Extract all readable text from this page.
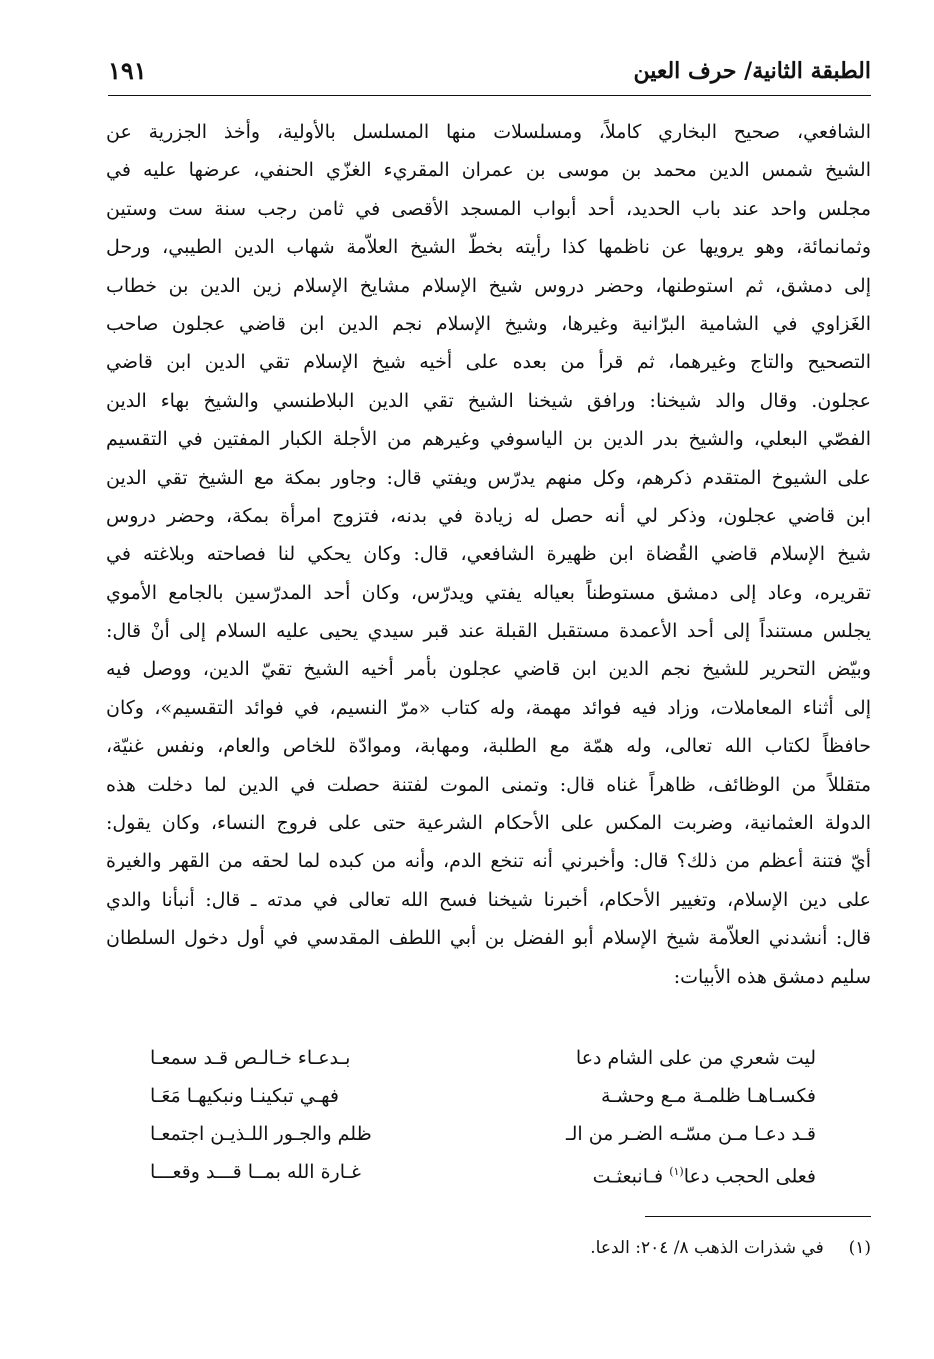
الطبقة الثانية/ حرف العين
١٩١
الشافعي، صحيح البخاري كاملاً، ومسلسلات منها المسلسل بالأولية، وأخذ الجزرية عن
الشيخ شمس الدين محمد بن موسى بن عمران المقريء الغزّي الحنفي، عرضها عليه في
مجلس واحد عند باب الحديد، أحد أبواب المسجد الأقصى في ثامن رجب سنة ست وستين
وثمانمائة، وهو يرويها عن ناظمها كذا رأيته بخطّ الشيخ العلاّمة شهاب الدين الطيبي، ورحل
إلى دمشق، ثم استوطنها، وحضر دروس شيخ الإسلام مشايخ الإسلام زين الدين بن خطاب
الغَزاوي في الشامية البرّانية وغيرها، وشيخ الإسلام نجم الدين ابن قاضي عجلون صاحب
التصحيح والتاج وغيرهما، ثم قرأ من بعده على أخيه شيخ الإسلام تقي الدين ابن قاضي
عجلون. وقال والد شيخنا: ورافق شيخنا الشيخ تقي الدين البلاطنسي والشيخ بهاء الدين
الفصّي البعلي، والشيخ بدر الدين بن الياسوفي وغيرهم من الأجلة الكبار المفتين في التقسيم
على الشيوخ المتقدم ذكرهم، وكل منهم يدرّس ويفتي قال: وجاور بمكة مع الشيخ تقي الدين
ابن قاضي عجلون، وذكر لي أنه حصل له زيادة في بدنه، فتزوج امرأة بمكة، وحضر دروس
شيخ الإسلام قاضي القُضاة ابن ظهيرة الشافعي، قال: وكان يحكي لنا فصاحته وبلاغته في
تقريره، وعاد إلى دمشق مستوطناً بعياله يفتي ويدرّس، وكان أحد المدرّسين بالجامع الأموي
يجلس مستنداً إلى أحد الأعمدة مستقبل القبلة عند قبر سيدي يحيى عليه السلام إلى أنْ قال:
وبيّض التحرير للشيخ نجم الدين ابن قاضي عجلون بأمر أخيه الشيخ تقيّ الدين، ووصل فيه
إلى أثناء المعاملات، وزاد فيه فوائد مهمة، وله كتاب «مرّ النسيم، في فوائد التقسيم»، وكان
حافظاً لكتاب الله تعالى، وله همّة مع الطلبة، ومهابة، وموادّة للخاص والعام، ونفس غنيّة،
متقللاً من الوظائف، ظاهراً غناه قال: وتمنى الموت لفتنة حصلت في الدين لما دخلت هذه
الدولة العثمانية، وضربت المكس على الأحكام الشرعية حتى على فروج النساء، وكان يقول:
أيّ فتنة أعظم من ذلك؟ قال: وأخبرني أنه تنخع الدم، وأنه من كبده لما لحقه من القهر والغيرة
على دين الإسلام، وتغيير الأحكام، أخبرنا شيخنا فسح الله تعالى في مدته ـ قال: أنبأنا والدي
قال: أنشدني العلاّمة شيخ الإسلام أبو الفضل بن أبي اللطف المقدسي في أول دخول السلطان
سليم دمشق هذه الأبيات:
ليت شعري من على الشام دعا
بـدعـاء خـالـص قـد سمعـا
فكسـاهـا ظلمـة مـع وحشـة
فهـي تبكينـا ونبكيهـا مَعَـا
قـد دعـا مـن مسّـه الضـر من الـ
ظلم والجـور اللـذيـن اجتمعـا
فعلى الحجب دعا$^{(١)}$ فـانبعثـت
غـارة الله بمــا قـــد وقعـــا
(١)  في شذرات الذهب ٨/ ٢٠٤: الدعا.
